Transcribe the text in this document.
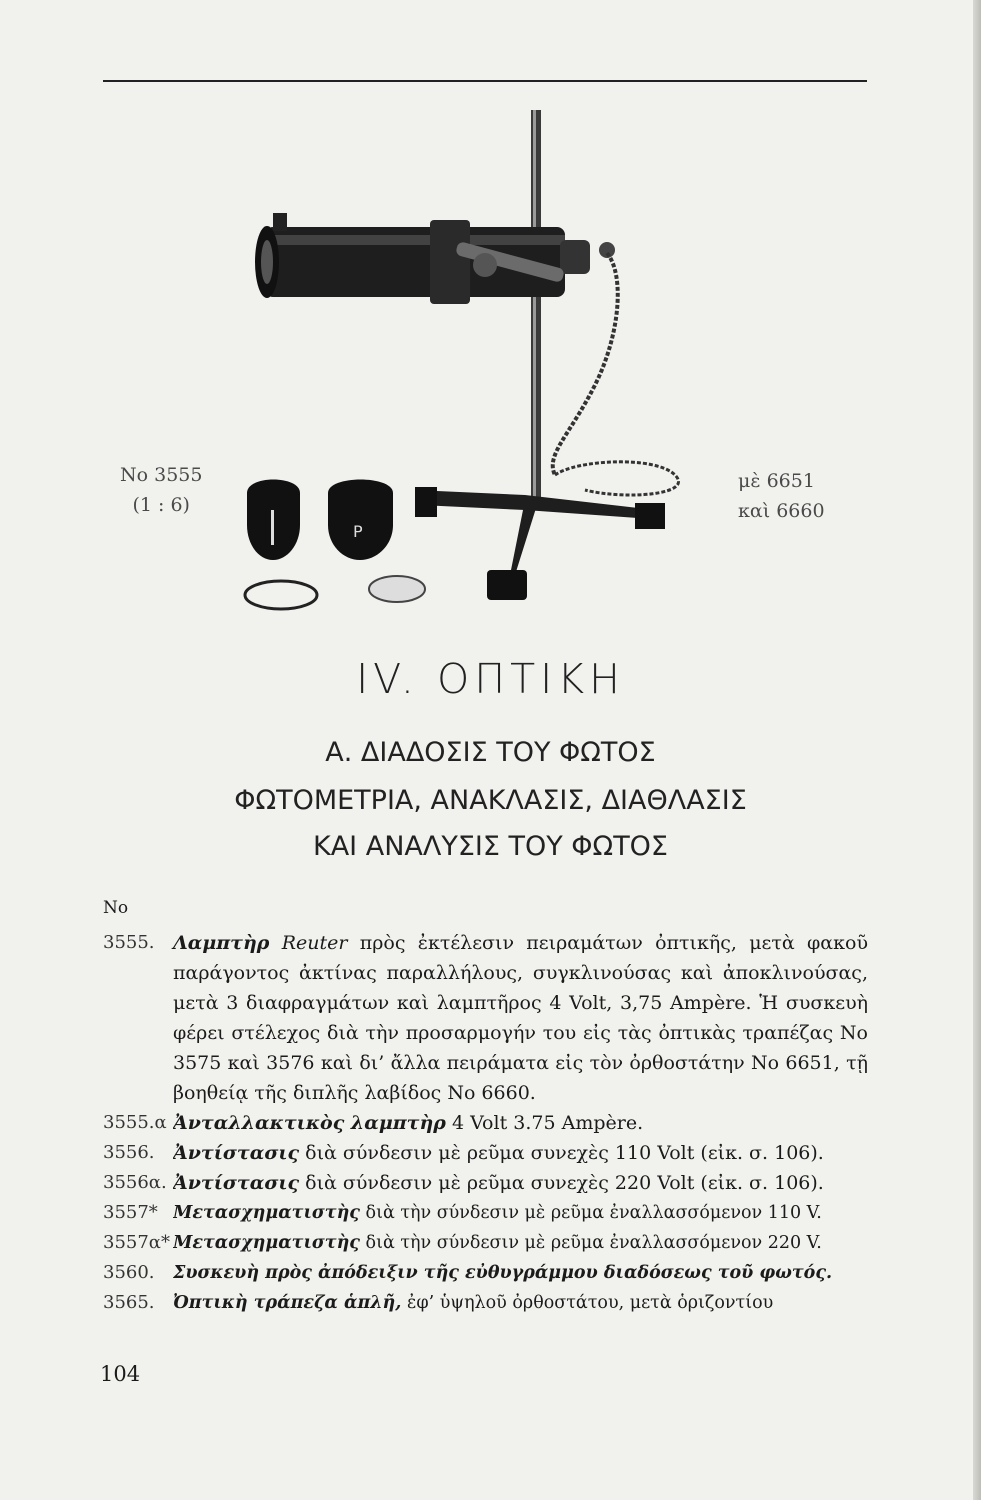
P
No 3555
(1 : 6)
μὲ 6651
καὶ 6660
IV. ΟΠΤΙΚΗ
Α. ΔΙΑΔΟΣΙΣ ΤΟΥ ΦΩΤΟΣ
ΦΩΤΟΜΕΤΡΙΑ, ΑΝΑΚΛΑΣΙΣ, ΔΙΑΘΛΑΣΙΣ
ΚΑΙ ΑΝΑΛΥΣΙΣ ΤΟΥ ΦΩΤΟΣ
No
3555. Λαμπτὴρ Reuter πρὸς ἐκτέλεσιν πειραμάτων ὀπτικῆς, μετὰ φακοῦ παράγοντος ἀκτίνας παραλλήλους, συγκλινούσας καὶ ἀποκλινούσας, μετὰ 3 διαφραγμάτων καὶ λαμπτῆρος 4 Volt, 3,75 Ampère. Ἡ συσκευὴ φέρει στέλεχος διὰ τὴν προσαρμογήν του εἰς τὰς ὀπτικὰς τραπέζας No 3575 καὶ 3576 καὶ δι’ ἄλλα πειράματα εἰς τὸν ὀρθοστάτην No 6651, τῇ βοηθείᾳ τῆς διπλῆς λαβίδος No 6660.
3555.α Ἀνταλλακτικὸς λαμπτὴρ 4 Volt 3.75 Ampère.
3556. Ἀντίστασις διὰ σύνδεσιν μὲ ρεῦμα συνεχὲς 110 Volt (εἰκ. σ. 106).
3556α. Ἀντίστασις διὰ σύνδεσιν μὲ ρεῦμα συνεχὲς 220 Volt (εἰκ. σ. 106).
3557* Μετασχηματιστὴς διὰ τὴν σύνδεσιν μὲ ρεῦμα ἐναλλασσόμενον 110 V.
3557α* Μετασχηματιστὴς διὰ τὴν σύνδεσιν μὲ ρεῦμα ἐναλλασσόμενον 220 V.
3560.	Συσκευὴ πρὸς ἀπόδειξιν τῆς εὐθυγράμμου διαδόσεως τοῦ φωτός.
3565.	Ὀπτικὴ τράπεζα ἁπλῆ, ἐφ’ ὑψηλοῦ ὀρθοστάτου, μετὰ ὁριζοντίου
104
